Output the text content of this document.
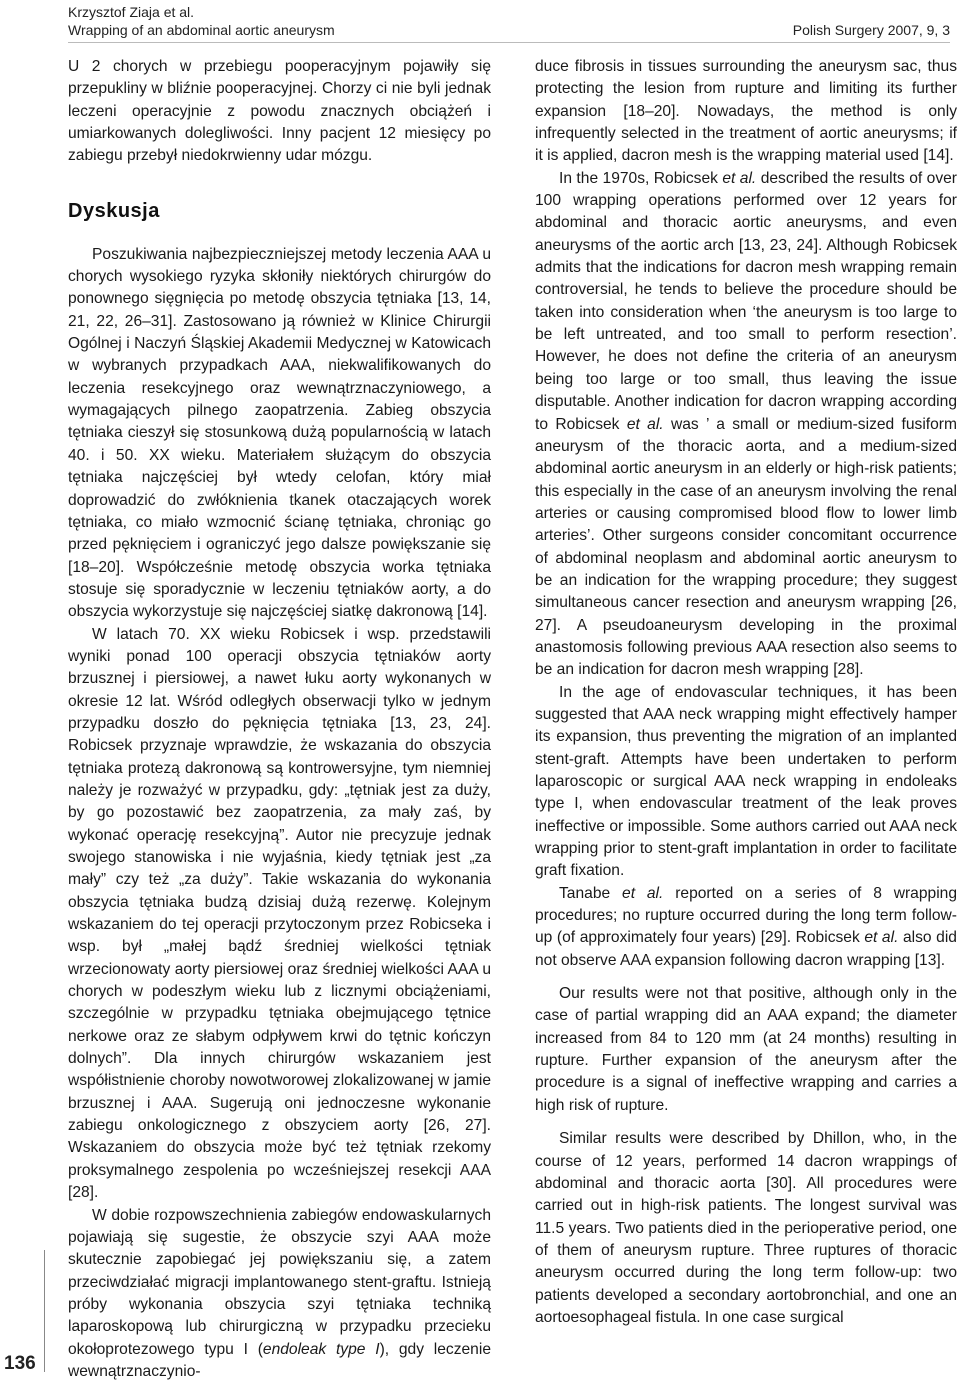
Krzysztof Ziaja et al.
Wrapping of an abdominal aortic aneurysm	Polish Surgery 2007, 9, 3

U 2 chorych w przebiegu pooperacyjnym pojawiły się przepukliny w bliźnie pooperacyjnej. Chorzy ci nie byli jednak leczeni operacyjnie z powodu znacznych obciążeń i umiarkowanych dolegliwości. Inny pacjent 12 miesięcy po zabiegu przebył niedokrwienny udar mózgu.

Dyskusja

Poszukiwania najbezpieczniejszej metody leczenia AAA u chorych wysokiego ryzyka skłoniły niektórych chirurgów do ponownego sięgnięcia po metodę obszycia tętniaka [13, 14, 21, 22, 26–31]. Zastosowano ją również w Klinice Chirurgii Ogólnej i Naczyń Śląskiej Akademii Medycznej w Katowicach w wybranych przypadkach AAA, niekwalifikowanych do leczenia resekcyjnego oraz wewnątrznaczyniowego, a wymagających pilnego zaopatrzenia. Zabieg obszycia tętniaka cieszył się stosunkową dużą popularnością w latach 40. i 50. XX wieku. Materiałem służącym do obszycia tętniaka najczęściej był wtedy celofan, który miał doprowadzić do zwłóknienia tkanek otaczających worek tętniaka, co miało wzmocnić ścianę tętniaka, chroniąc go przed pęknięciem i ograniczyć jego dalsze powiększanie się [18–20]. Współcześnie metodę obszycia worka tętniaka stosuje się sporadycznie w leczeniu tętniaków aorty, a do obszycia wykorzystuje się najczęściej siatkę dakronową [14].

W latach 70. XX wieku Robicsek i wsp. przedstawili wyniki ponad 100 operacji obszycia tętniaków aorty brzusznej i piersiowej, a nawet łuku aorty wykonanych w okresie 12 lat. Wśród odległych obserwacji tylko w jednym przypadku doszło do pęknięcia tętniaka [13, 23, 24]. Robicsek przyznaje wprawdzie, że wskazania do obszycia tętniaka protezą dakronową są kontrowersyjne, tym niemniej należy je rozważyć w przypadku, gdy: „tętniak jest za duży, by go pozostawić bez zaopatrzenia, za mały zaś, by wykonać operację resekcyjną”. Autor nie precyzuje jednak swojego stanowiska i nie wyjaśnia, kiedy tętniak jest „za mały” czy też „za duży”. Takie wskazania do wykonania obszycia tętniaka budzą dzisiaj dużą rezerwę. Kolejnym wskazaniem do tej operacji przytoczonym przez Robicseka i wsp. był „małej bądź średniej wielkości tętniak wrzecionowaty aorty piersiowej oraz średniej wielkości AAA u chorych w podeszłym wieku lub z licznymi obciążeniami, szczególnie w przypadku tętniaka obejmującego tętnice nerkowe oraz ze słabym odpływem krwi do tętnic kończyn dolnych”. Dla innych chirurgów wskazaniem jest współistnienie choroby nowotworowej zlokalizowanej w jamie brzusznej i AAA. Sugerują oni jednoczesne wykonanie zabiegu onkologicznego z obszyciem aorty [26, 27]. Wskazaniem do obszycia może być też tętniak rzekomy proksymalnego zespolenia po wcześniejszej resekcji AAA [28].

W dobie rozpowszechnienia zabiegów endowaskularnych pojawiają się sugestie, że obszycie szyi AAA może skutecznie zapobiegać jej powiększaniu się, a zatem przeciwdziałać migracji implantowanego stent-graftu. Istnieją próby wykonania obszycia szyi tętniaka techniką laparoskopową lub chirurgiczną w przypadku przecieku okołoprotezowego typu I (endoleak type I), gdy leczenie wewnątrznaczynio-

duce fibrosis in tissues surrounding the aneurysm sac, thus protecting the lesion from rupture and limiting its further expansion [18–20]. Nowadays, the method is only infrequently selected in the treatment of aortic aneurysms; if it is applied, dacron mesh is the wrapping material used [14].

In the 1970s, Robicsek et al. described the results of over 100 wrapping operations performed over 12 years for abdominal and thoracic aortic aneurysms, and even aneurysms of the aortic arch [13, 23, 24]. Although Robicsek admits that the indications for dacron mesh wrapping remain controversial, he tends to believe the procedure should be taken into consideration when ‘the aneurysm is too large to be left untreated, and too small to perform resection’. However, he does not define the criteria of an aneurysm being too large or too small, thus leaving the issue disputable. Another indication for dacron wrapping according to Robicsek et al. was ’ a small or medium-sized fusiform aneurysm of the thoracic aorta, and a medium-sized abdominal aortic aneurysm in an elderly or high-risk patients; this especially in the case of an aneurysm involving the renal arteries or causing compromised blood flow to lower limb arteries’. Other surgeons consider concomitant occurrence of abdominal neoplasm and abdominal aortic aneurysm to be an indication for the wrapping procedure; they suggest simultaneous cancer resection and aneurysm wrapping [26, 27]. A pseudoaneurysm developing in the proximal anastomosis following previous AAA resection also seems to be an indication for dacron mesh wrapping [28].

In the age of endovascular techniques, it has been suggested that AAA neck wrapping might effectively hamper its expansion, thus preventing the migration of an implanted stent-graft. Attempts have been undertaken to perform laparoscopic or surgical AAA neck wrapping in endoleaks type I, when endovascular treatment of the leak proves ineffective or impossible. Some authors carried out AAA neck wrapping prior to stent-graft implantation in order to facilitate graft fixation.

Tanabe et al. reported on a series of 8 wrapping procedures; no rupture occurred during the long term follow-up (of approximately four years) [29]. Robicsek et al. also did not observe AAA expansion following dacron wrapping [13].

Our results were not that positive, although only in the case of partial wrapping did an AAA expand; the diameter increased from 84 to 120 mm (at 24 months) resulting in rupture. Further expansion of the aneurysm after the procedure is a signal of ineffective wrapping and carries a high risk of rupture.

Similar results were described by Dhillon, who, in the course of 12 years, performed 14 dacron wrappings of abdominal and thoracic aorta [30]. All procedures were carried out in high-risk patients. The longest survival was 11.5 years. Two patients died in the perioperative period, one of them of aneurysm rupture. Three ruptures of thoracic aneurysm occurred during the long term follow-up: two patients developed a secondary aortobronchial, and one an aortoesophageal fistula. In one case surgical

136
